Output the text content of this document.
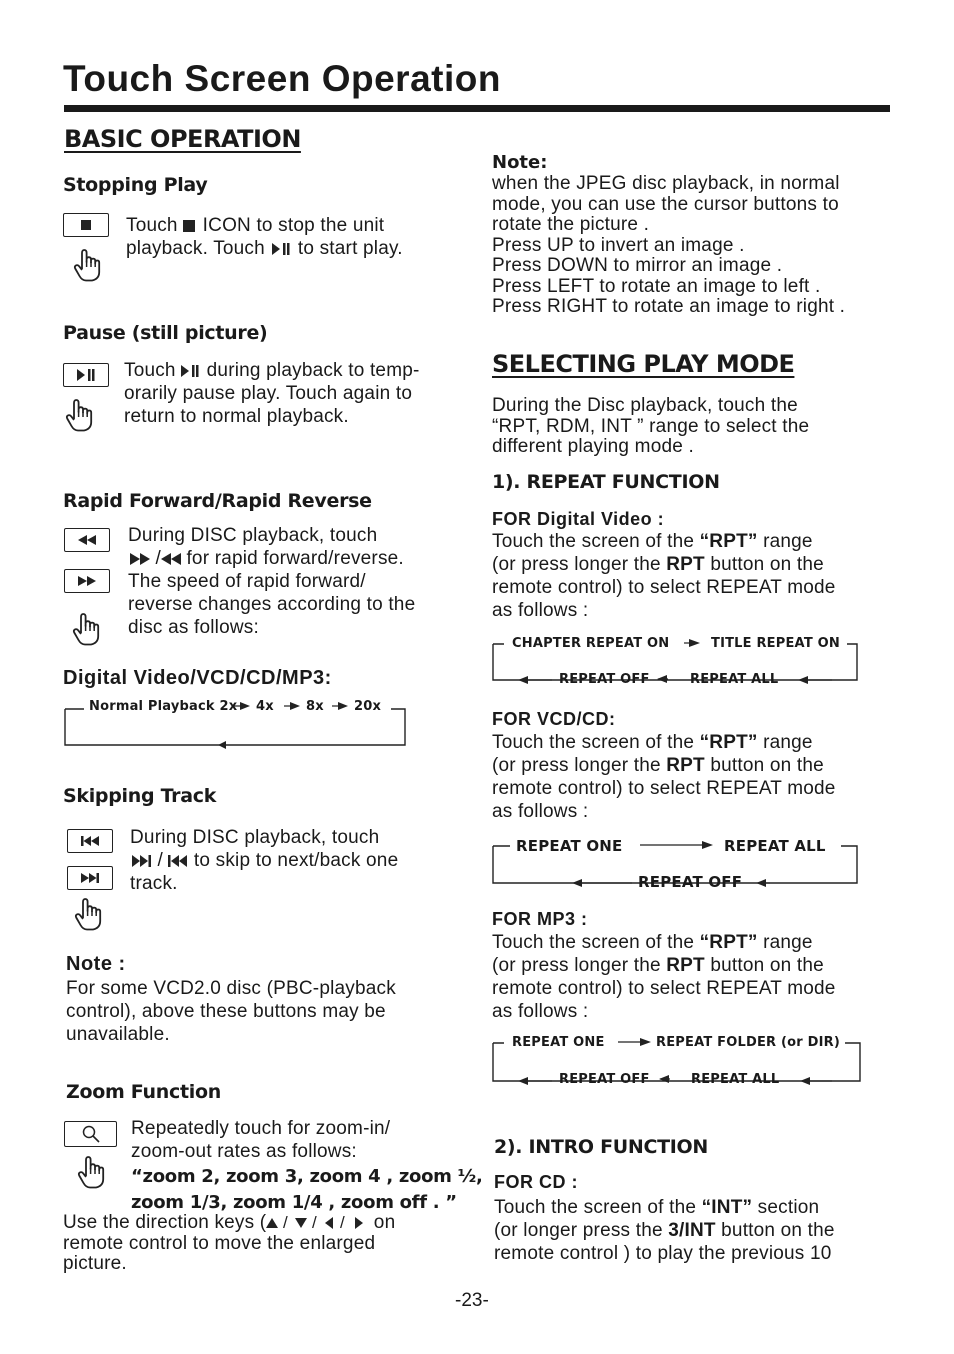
Touch Screen Operation
BASIC OPERATION
Stopping Play
Touch  ICON to stop the unit
playback. Touch  to start play.
Pause (still picture)
Touch  during playback to temp-
orarily pause play. Touch again to
return to normal playback.
Rapid Forward/Rapid Reverse
During DISC playback, touch
/ for rapid forward/reverse.
The speed of rapid forward/
reverse changes according to the
disc as follows:
Digital Video/VCD/CD/MP3:
Normal Playback 2x 4x 8x 20x
Skipping Track
During DISC playback, touch
/  to skip to next/back one
track.
Note :
For some VCD2.0 disc (PBC-playback
control), above these buttons may be
unavailable.
Zoom Function
Repeatedly touch for zoom-in/
zoom-out rates as follows:
“zoom 2, zoom 3, zoom 4 , zoom ½,
zoom 1/3, zoom 1/4 , zoom off . ”
Use the direction keys ( / / / on
remote control to move the enlarged
picture.
Note:
when the JPEG disc playback, in normal
mode, you can use the cursor buttons to
rotate the picture .
Press UP to invert an image .
Press DOWN to mirror an image .
Press LEFT to rotate an image to left .
Press RIGHT to rotate an image to right .
SELECTING PLAY MODE
During the Disc playback, touch the
“RPT, RDM, INT ” range to select the
different playing mode .
1). REPEAT FUNCTION
FOR Digital Video :
Touch the screen of the “RPT” range
(or press longer the RPT button on the
remote control) to select REPEAT mode
as follows :
CHAPTER REPEAT ON	TITLE REPEAT ON
REPEAT OFF	REPEAT ALL
FOR VCD/CD:
Touch the screen of the “RPT” range
(or press longer the RPT button on the
remote control) to select REPEAT mode
as follows :
REPEAT ONE	REPEAT ALL
REPEAT OFF
FOR MP3 :
Touch the screen of the “RPT” range
(or press longer the RPT button on the
remote control) to select REPEAT mode
as follows :
REPEAT ONE	REPEAT FOLDER (or DIR)
REPEAT OFF	REPEAT ALL
2). INTRO FUNCTION
FOR CD :
Touch the screen of the “INT” section
(or longer press the 3/INT button on the
remote control ) to play the previous 10
-23-
